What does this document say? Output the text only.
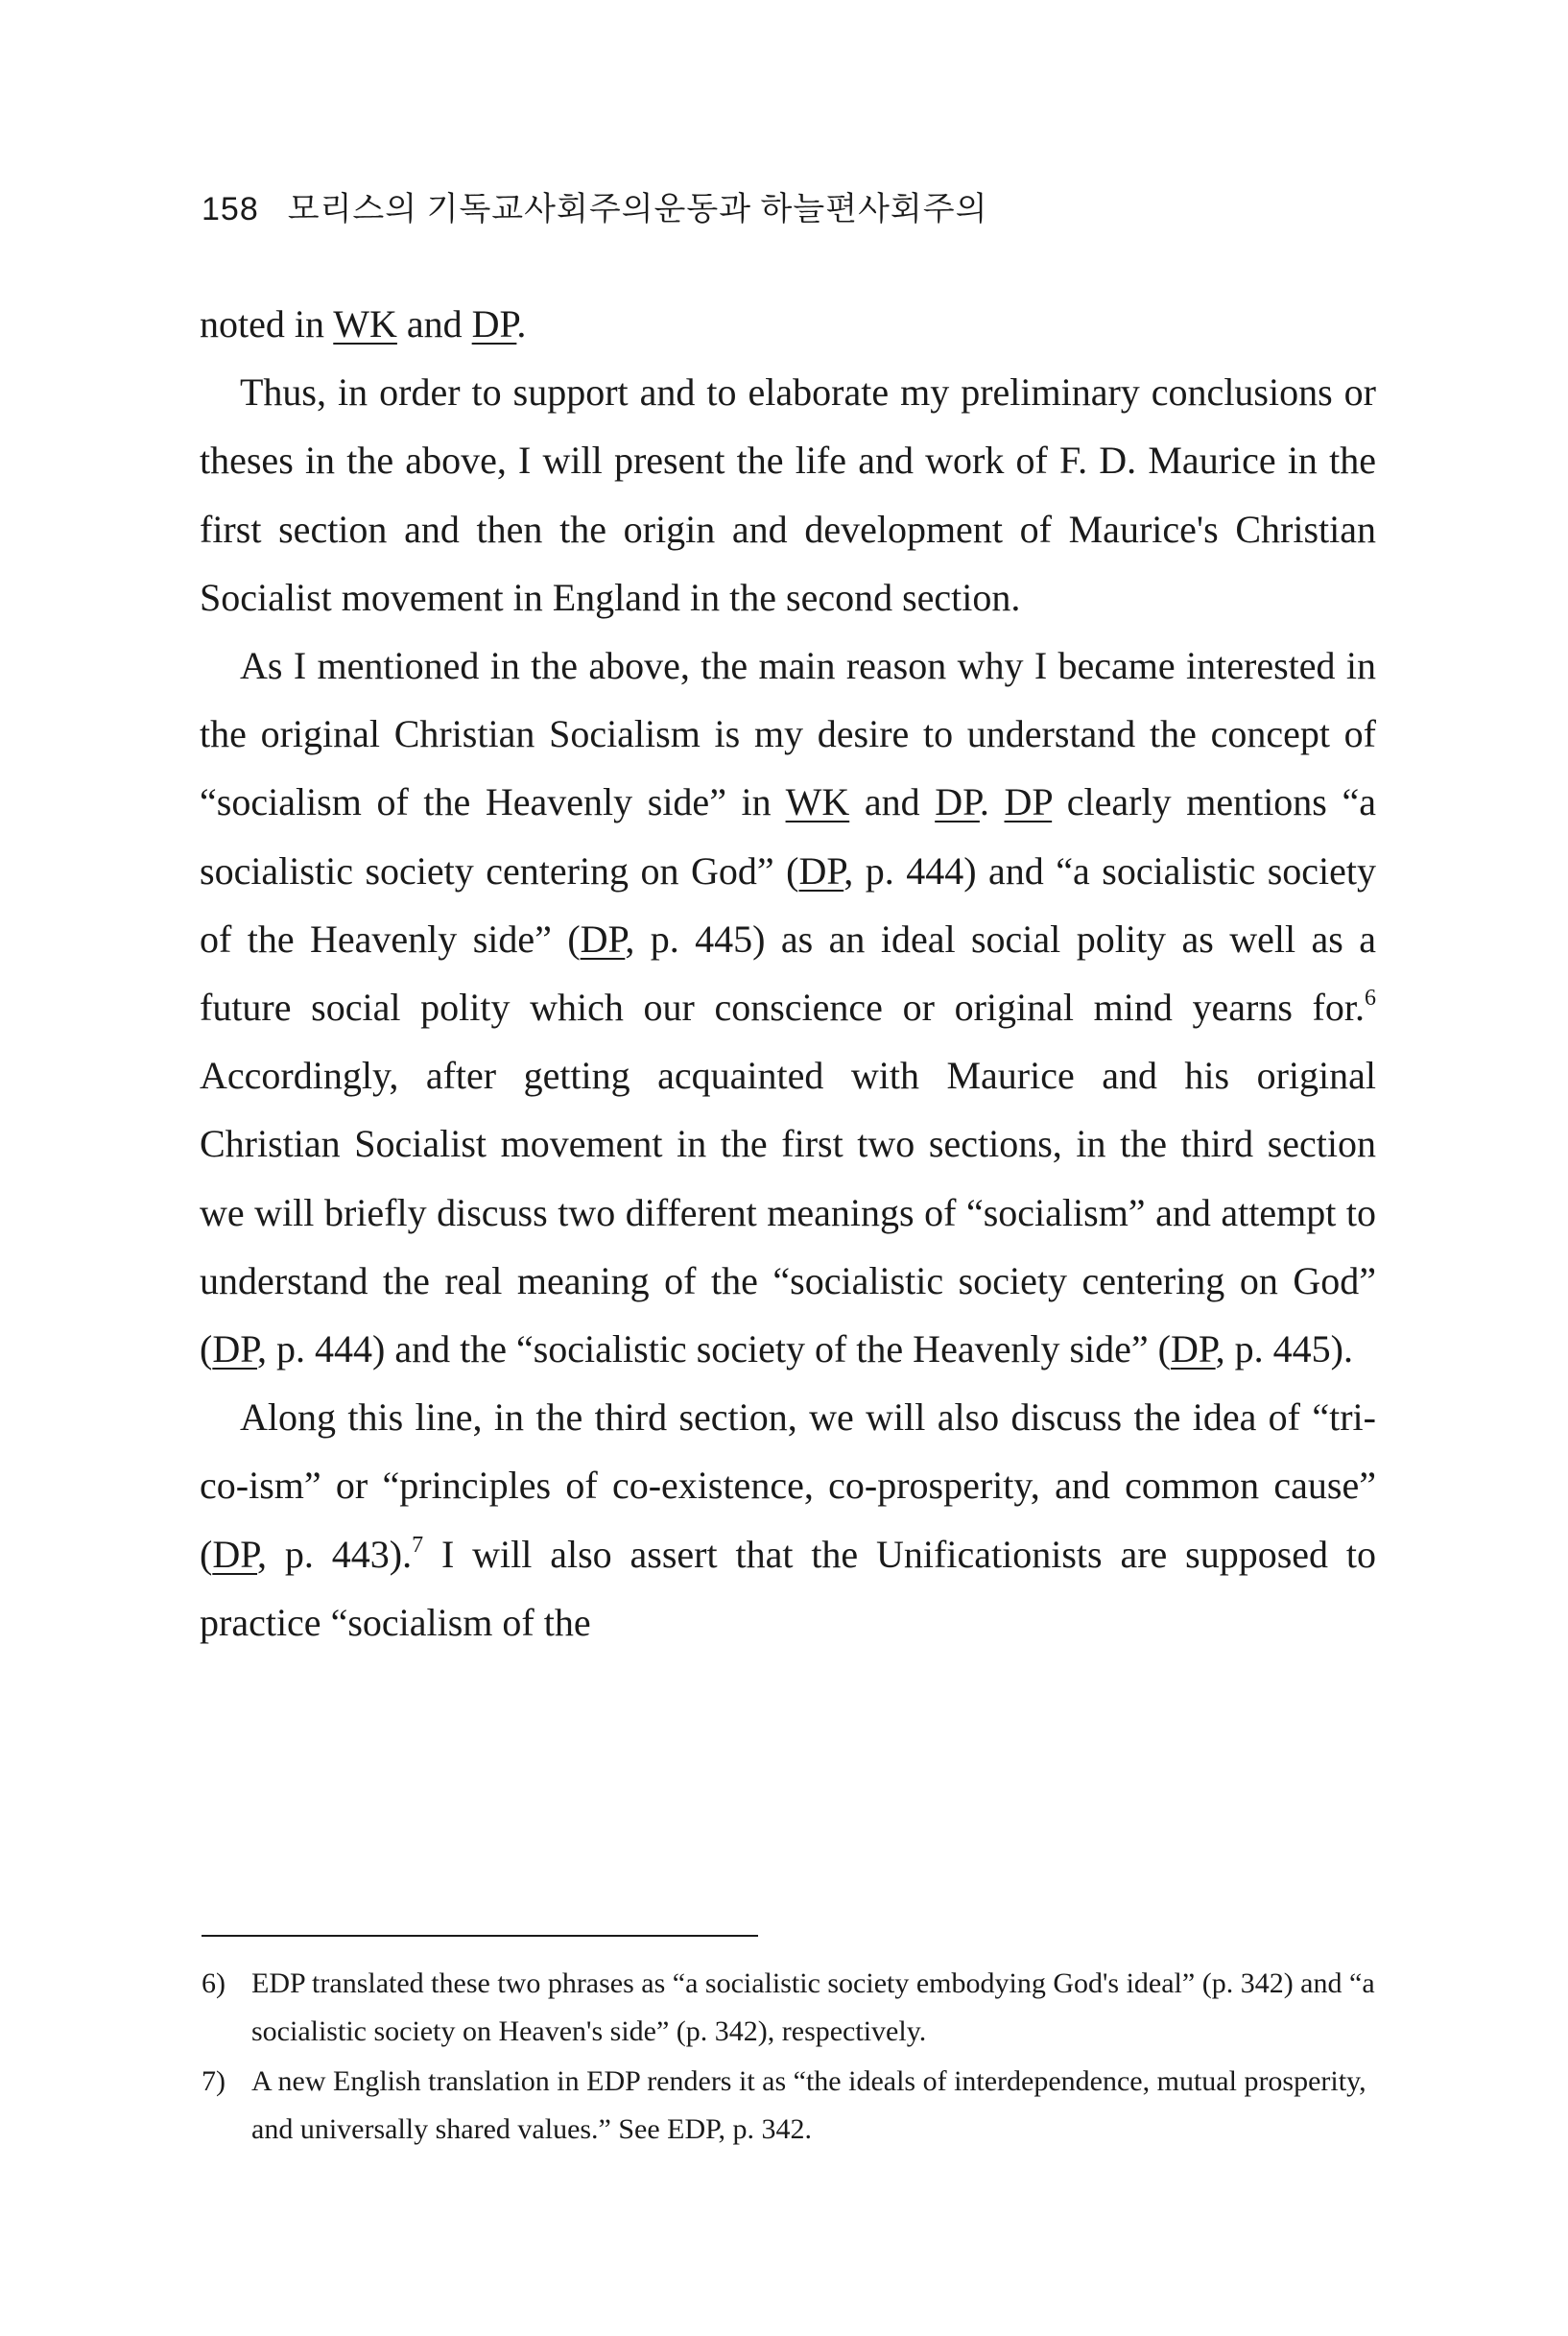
158 모리스의 기독교사회주의운동과 하늘편사회주의

noted in WK and DP.

Thus, in order to support and to elaborate my preliminary conclusions or theses in the above, I will present the life and work of F. D. Maurice in the first section and then the origin and development of Maurice's Christian Socialist movement in England in the second section.

As I mentioned in the above, the main reason why I became interested in the original Christian Socialism is my desire to understand the concept of “socialism of the Heavenly side” in WK and DP. DP clearly mentions “a socialistic society centering on God” (DP, p. 444) and “a socialistic society of the Heavenly side” (DP, p. 445) as an ideal social polity as well as a future social polity which our conscience or original mind yearns for.$^6$ Accordingly, after getting acquainted with Maurice and his original Christian Socialist movement in the first two sections, in the third section we will briefly discuss two different meanings of “socialism” and attempt to understand the real meaning of the “socialistic society centering on God” (DP, p. 444) and the “socialistic society of the Heavenly side” (DP, p. 445).

Along this line, in the third section, we will also discuss the idea of “tri-co-ism” or “principles of co-existence, co-prosperity, and common cause” (DP, p. 443).$^7$ I will also assert that the Unificationists are supposed to practice “socialism of the

6) EDP translated these two phrases as “a socialistic society embodying God's ideal” (p. 342) and “a socialistic society on Heaven's side” (p. 342), respectively.
7) A new English translation in EDP renders it as “the ideals of interdependence, mutual prosperity, and universally shared values.” See EDP, p. 342.
